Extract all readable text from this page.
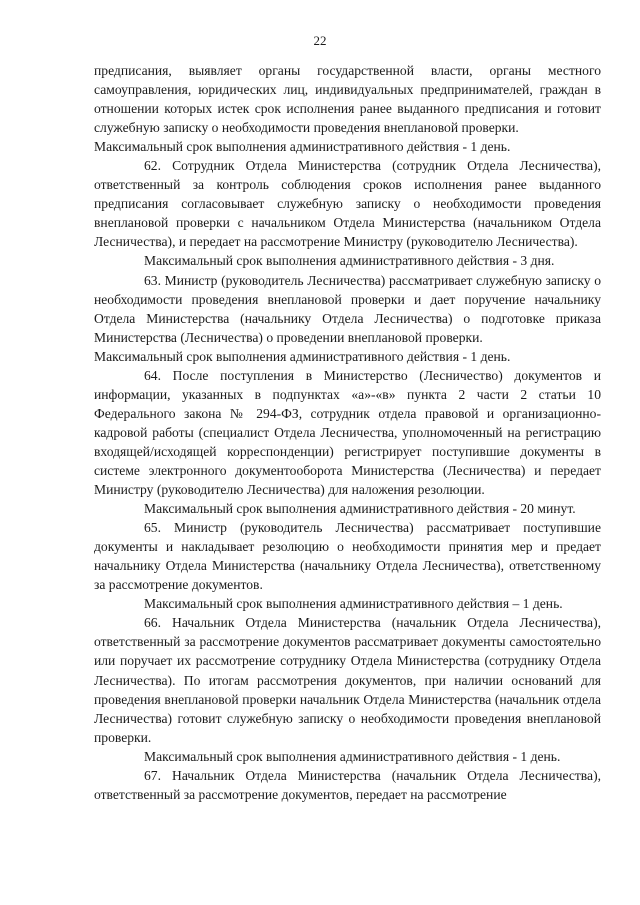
22

предписания, выявляет органы государственной власти, органы местного самоуправления, юридических лиц, индивидуальных предпринимателей, граждан в отношении которых истек срок исполнения ранее выданного предписания и готовит служебную записку о необходимости проведения внеплановой проверки.

Максимальный срок выполнения административного действия - 1 день.

62. Сотрудник Отдела Министерства (сотрудник Отдела Лесничества), ответственный за контроль соблюдения сроков исполнения ранее выданного предписания согласовывает служебную записку о необходимости проведения внеплановой проверки с начальником Отдела Министерства (начальником Отдела Лесничества), и передает на рассмотрение Министру (руководителю Лесничества).

Максимальный срок выполнения административного действия - 3 дня.

63. Министр (руководитель Лесничества) рассматривает служебную записку о необходимости проведения внеплановой проверки и дает поручение начальнику Отдела Министерства (начальнику Отдела Лесничества) о подготовке приказа Министерства (Лесничества) о проведении внеплановой проверки.

Максимальный срок выполнения административного действия - 1 день.

64. После поступления в Министерство (Лесничество) документов и информации, указанных в подпунктах «а»-«в» пункта 2 части 2 статьи 10 Федерального закона № 294-ФЗ, сотрудник отдела правовой и организационно-кадровой работы (специалист Отдела Лесничества, уполномоченный на регистрацию входящей/исходящей корреспонденции) регистрирует поступившие документы в системе электронного документооборота Министерства (Лесничества) и передает Министру (руководителю Лесничества) для наложения резолюции.

Максимальный срок выполнения административного действия - 20 минут.

65. Министр (руководитель Лесничества) рассматривает поступившие документы и накладывает резолюцию о необходимости принятия мер и предает начальнику Отдела Министерства (начальнику Отдела Лесничества), ответственному за рассмотрение документов.

Максимальный срок выполнения административного действия – 1 день.

66. Начальник Отдела Министерства (начальник Отдела Лесничества), ответственный за рассмотрение документов рассматривает документы самостоятельно или поручает их рассмотрение сотруднику Отдела Министерства (сотруднику Отдела Лесничества). По итогам рассмотрения документов, при наличии оснований для проведения внеплановой проверки начальник Отдела Министерства (начальник отдела Лесничества) готовит служебную записку о необходимости проведения внеплановой проверки.

Максимальный срок выполнения административного действия - 1 день.

67. Начальник Отдела Министерства (начальник Отдела Лесничества), ответственный за рассмотрение документов, передает на рассмотрение
